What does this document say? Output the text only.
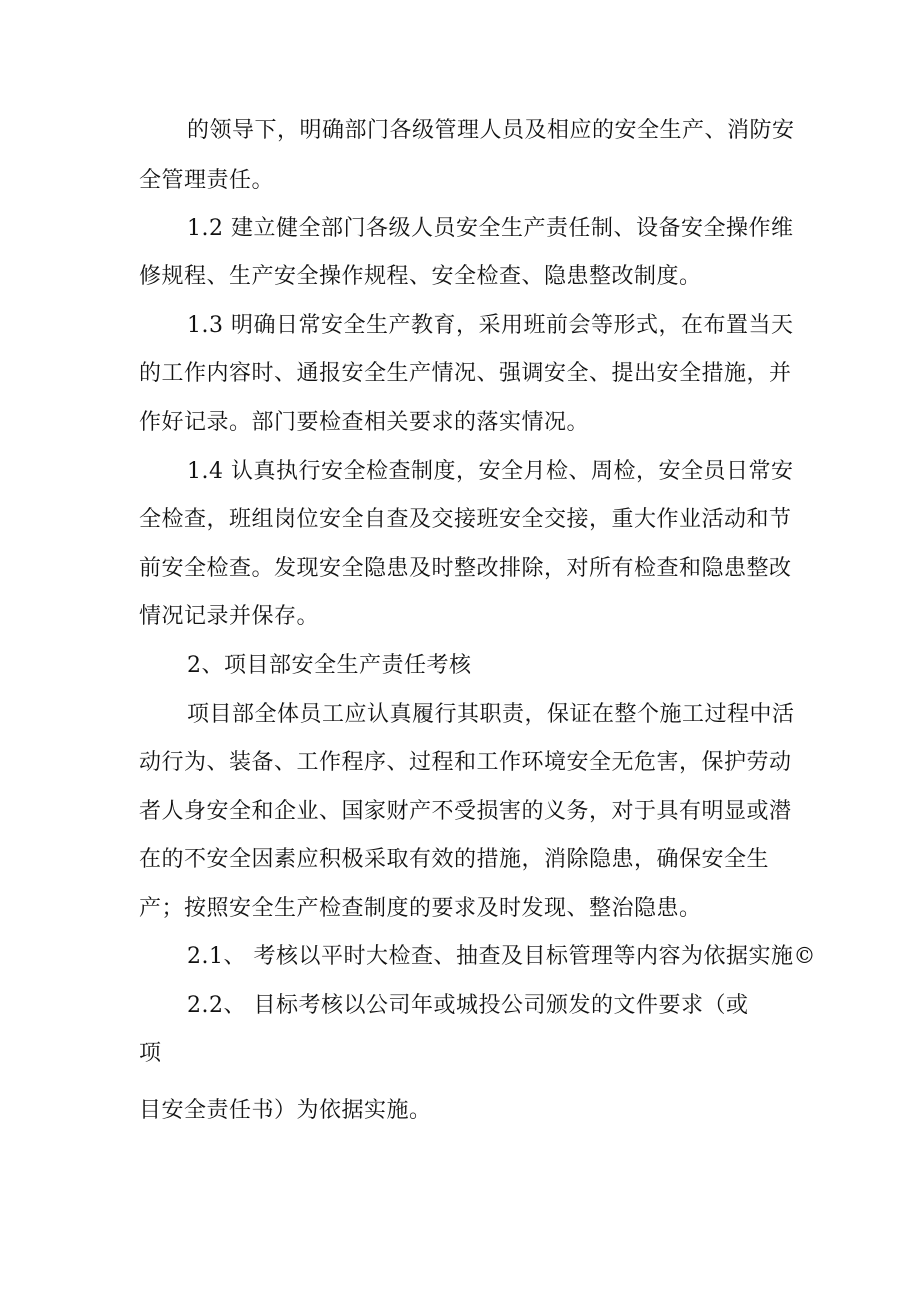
的领导下，明确部门各级管理人员及相应的安全生产、消防安
全管理责任。
1.2 建立健全部门各级人员安全生产责任制、设备安全操作维
修规程、生产安全操作规程、安全检查、隐患整改制度。
1.3 明确日常安全生产教育，采用班前会等形式，在布置当天
的工作内容时、通报安全生产情况、强调安全、提出安全措施，并
作好记录。部门要检查相关要求的落实情况。
1.4 认真执行安全检查制度，安全月检、周检，安全员日常安
全检查，班组岗位安全自查及交接班安全交接，重大作业活动和节
前安全检查。发现安全隐患及时整改排除，对所有检查和隐患整改
情况记录并保存。
2、项目部安全生产责任考核
项目部全体员工应认真履行其职责，保证在整个施工过程中活
动行为、装备、工作程序、过程和工作环境安全无危害，保护劳动
者人身安全和企业、国家财产不受损害的义务，对于具有明显或潜
在的不安全因素应积极采取有效的措施，消除隐患，确保安全生
产；按照安全生产检查制度的要求及时发现、整治隐患。
2.1、 考核以平时大检查、抽查及目标管理等内容为依据实施©
2.2、 目标考核以公司年或城投公司颁发的文件要求（或
项
目安全责任书）为依据实施。
